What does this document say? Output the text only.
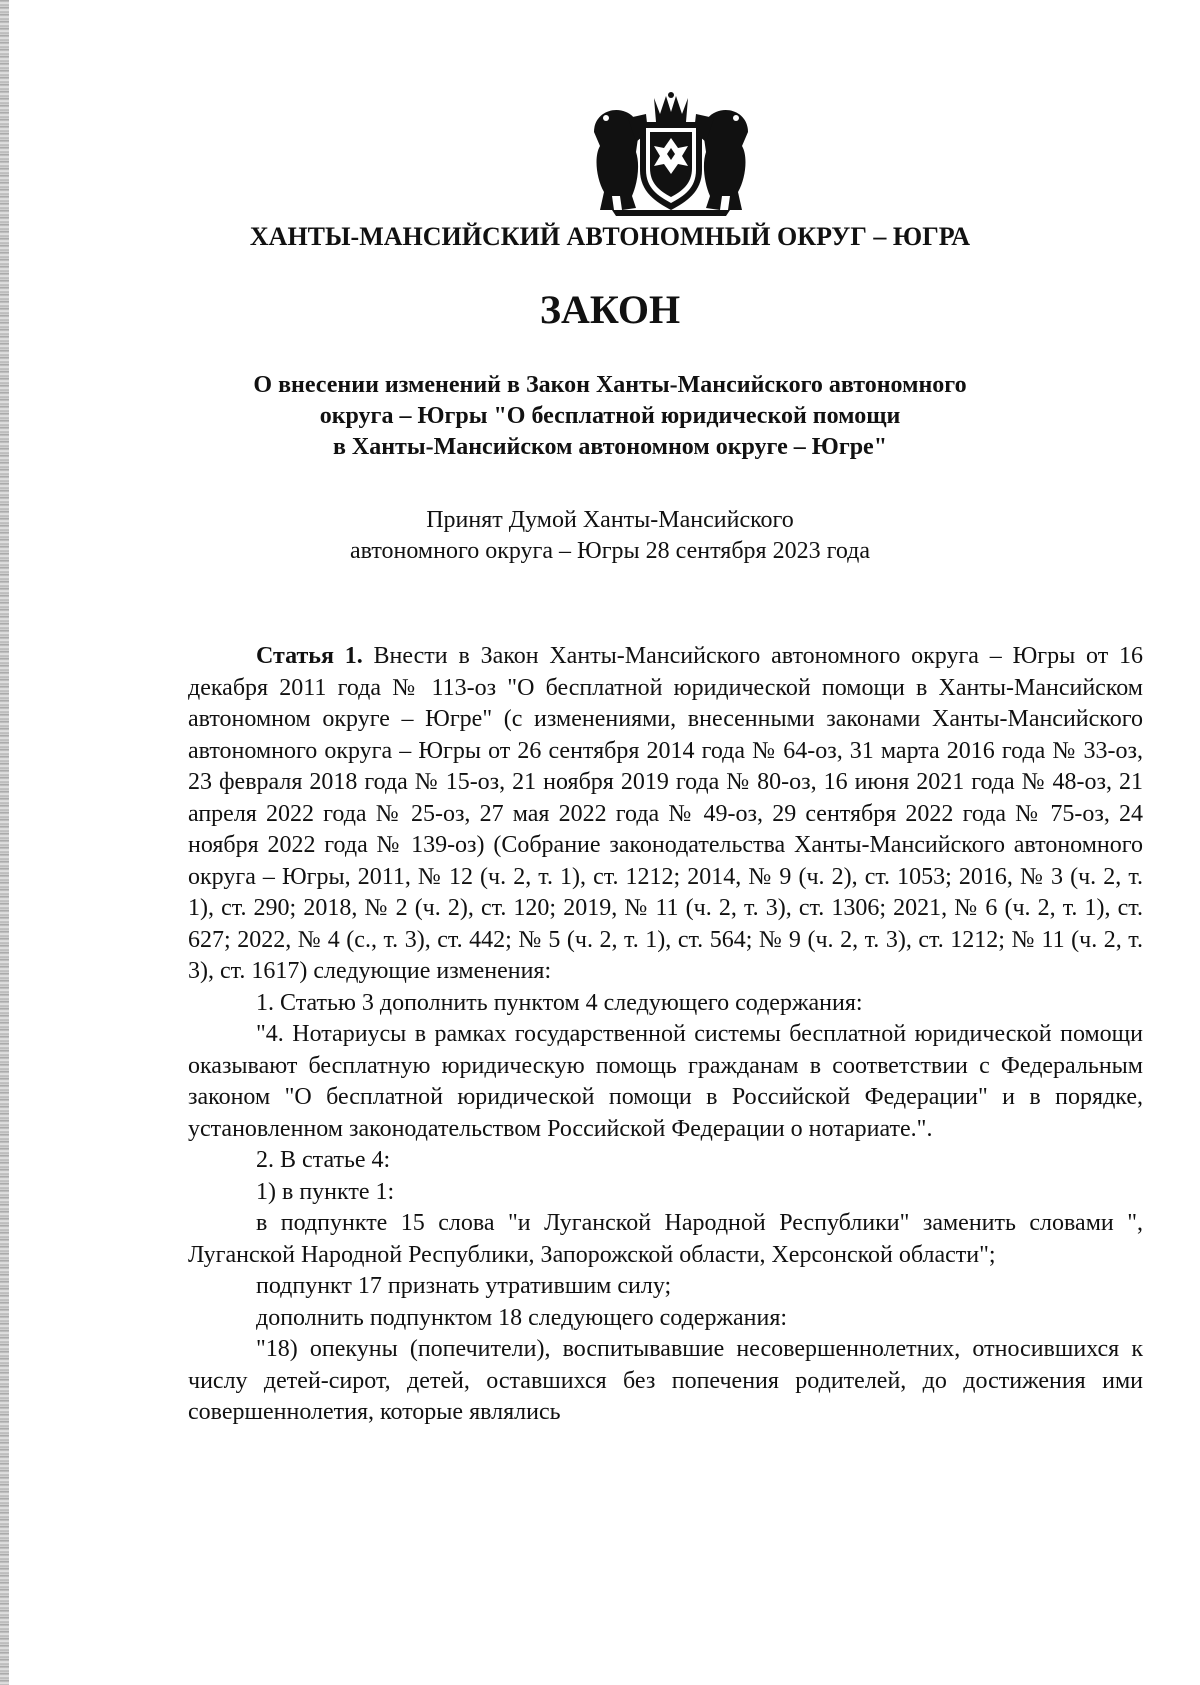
ХАНТЫ-МАНСИЙСКИЙ АВТОНОМНЫЙ ОКРУГ – ЮГРА
ЗАКОН
О внесении изменений в Закон Ханты-Мансийского автономного
округа – Югры "О бесплатной юридической помощи
в Ханты-Мансийском автономном округе – Югре"
Принят Думой Ханты-Мансийского
автономного округа – Югры 28 сентября 2023 года

Статья 1. Внести в Закон Ханты-Мансийского автономного округа – Югры от 16 декабря 2011 года № 113-оз "О бесплатной юридической помощи в Ханты-Мансийском автономном округе – Югре" (с изменениями, внесенными законами Ханты-Мансийского автономного округа – Югры от 26 сентября 2014 года № 64-оз, 31 марта 2016 года № 33-оз, 23 февраля 2018 года № 15-оз, 21 ноября 2019 года № 80-оз, 16 июня 2021 года № 48-оз, 21 апреля 2022 года № 25-оз, 27 мая 2022 года № 49-оз, 29 сентября 2022 года № 75-оз, 24 ноября 2022 года № 139-оз) (Собрание законодательства Ханты-Мансийского автономного округа – Югры, 2011, № 12 (ч. 2, т. 1), ст. 1212; 2014, № 9 (ч. 2), ст. 1053; 2016, № 3 (ч. 2, т. 1), ст. 290; 2018, № 2 (ч. 2), ст. 120; 2019, № 11 (ч. 2, т. 3), ст. 1306; 2021, № 6 (ч. 2, т. 1), ст. 627; 2022, № 4 (с., т. 3), ст. 442; № 5 (ч. 2, т. 1), ст. 564; № 9 (ч. 2, т. 3), ст. 1212; № 11 (ч. 2, т. 3), ст. 1617) следующие изменения:

1. Статью 3 дополнить пунктом 4 следующего содержания:

"4. Нотариусы в рамках государственной системы бесплатной юридической помощи оказывают бесплатную юридическую помощь гражданам в соответствии с Федеральным законом "О бесплатной юридической помощи в Российской Федерации" и в порядке, установленном законодательством Российской Федерации о нотариате.".

2. В статье 4:

1) в пункте 1:

в подпункте 15 слова "и Луганской Народной Республики" заменить словами ", Луганской Народной Республики, Запорожской области, Херсонской области";

подпункт 17 признать утратившим силу;

дополнить подпунктом 18 следующего содержания:

"18) опекуны (попечители), воспитывавшие несовершеннолетних, относившихся к числу детей-сирот, детей, оставшихся без попечения родителей, до достижения ими совершеннолетия, которые являлись
